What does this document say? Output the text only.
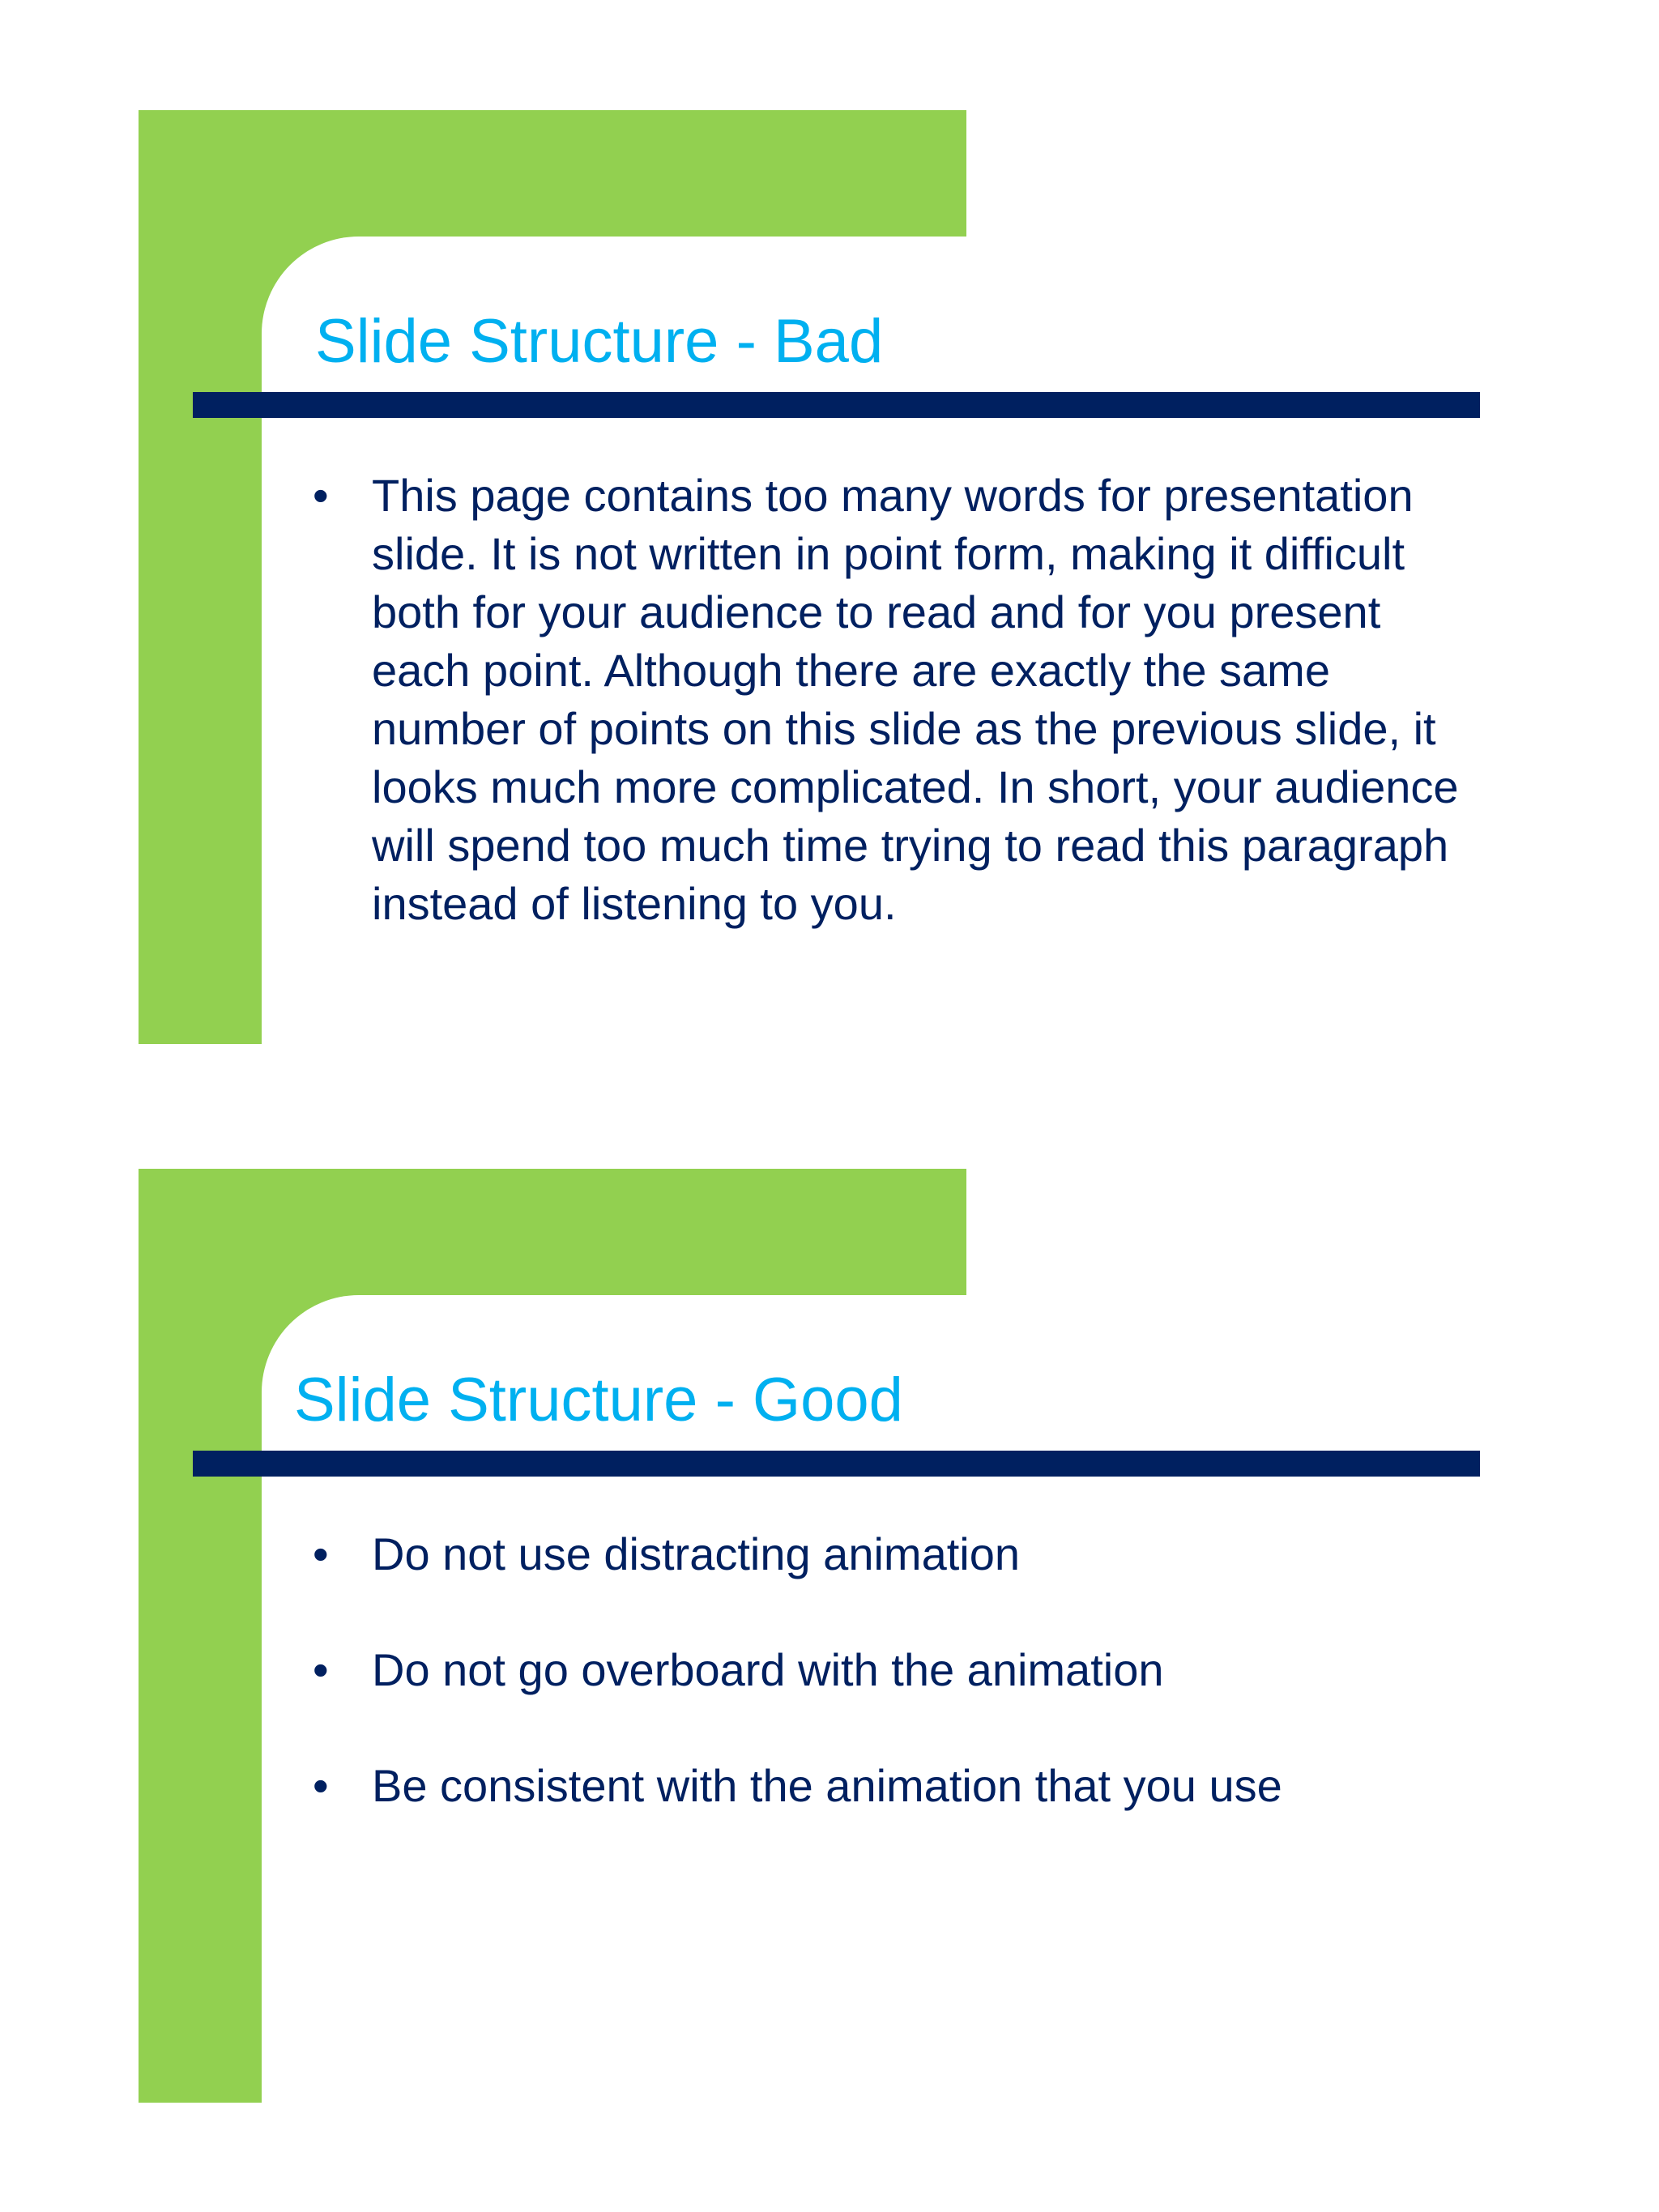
Slide Structure - Bad
• This page contains too many words for presentation slide. It is not written in point form, making it difficult both for your audience to read and for you present each point. Although there are exactly the same number of points on this slide as the previous slide, it looks much more complicated. In short, your audience will spend too much time trying to read this paragraph instead of listening to you.
Slide Structure - Good
• Do not use distracting animation
• Do not go overboard with the animation
• Be consistent with the animation that you use
